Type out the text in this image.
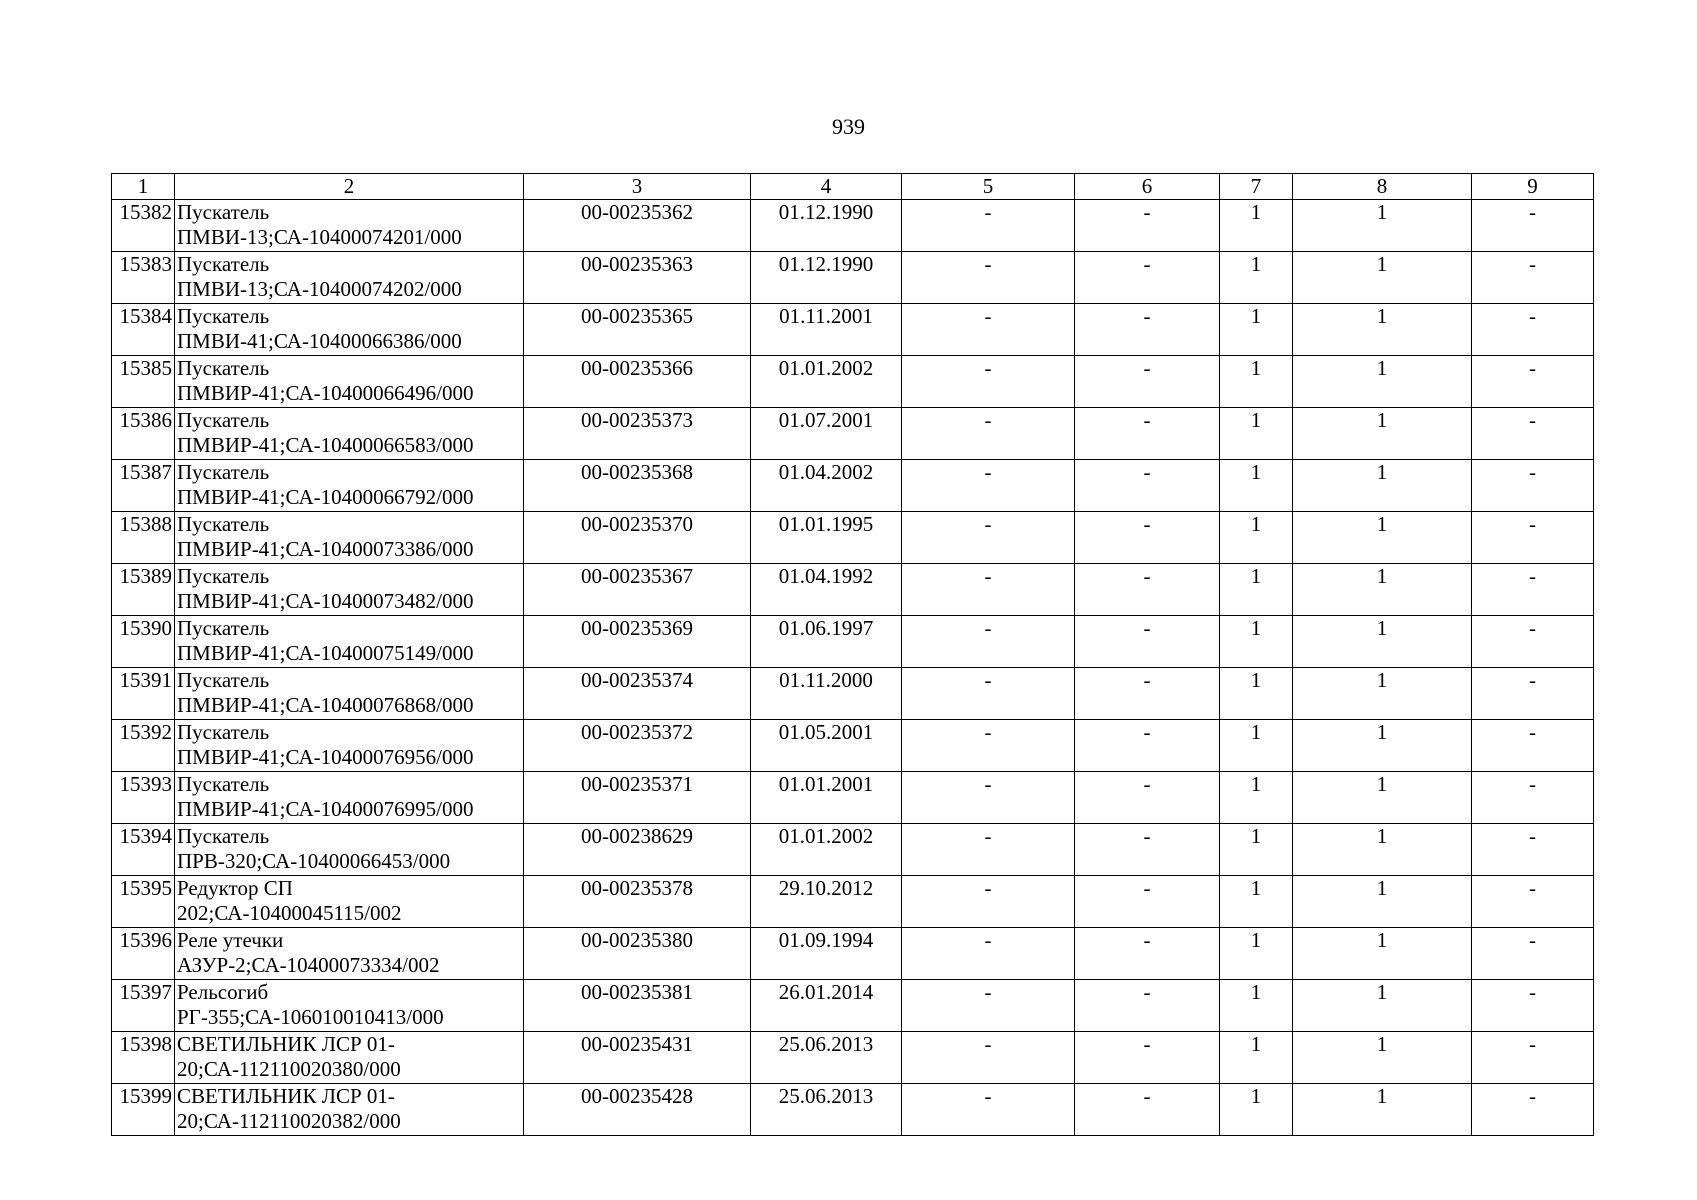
939
1	2	3	4	5	6	7	8	9
15382	Пускатель ПМВИ-13;СА-10400074201/000	00-00235362	01.12.1990	-	-	1	1	-
15383	Пускатель ПМВИ-13;СА-10400074202/000	00-00235363	01.12.1990	-	-	1	1	-
15384	Пускатель ПМВИ-41;СА-10400066386/000	00-00235365	01.11.2001	-	-	1	1	-
15385	Пускатель ПМВИР-41;СА-10400066496/000	00-00235366	01.01.2002	-	-	1	1	-
15386	Пускатель ПМВИР-41;СА-10400066583/000	00-00235373	01.07.2001	-	-	1	1	-
15387	Пускатель ПМВИР-41;СА-10400066792/000	00-00235368	01.04.2002	-	-	1	1	-
15388	Пускатель ПМВИР-41;СА-10400073386/000	00-00235370	01.01.1995	-	-	1	1	-
15389	Пускатель ПМВИР-41;СА-10400073482/000	00-00235367	01.04.1992	-	-	1	1	-
15390	Пускатель ПМВИР-41;СА-10400075149/000	00-00235369	01.06.1997	-	-	1	1	-
15391	Пускатель ПМВИР-41;СА-10400076868/000	00-00235374	01.11.2000	-	-	1	1	-
15392	Пускатель ПМВИР-41;СА-10400076956/000	00-00235372	01.05.2001	-	-	1	1	-
15393	Пускатель ПМВИР-41;СА-10400076995/000	00-00235371	01.01.2001	-	-	1	1	-
15394	Пускатель ПРВ-320;СА-10400066453/000	00-00238629	01.01.2002	-	-	1	1	-
15395	Редуктор СП 202;СА-10400045115/002	00-00235378	29.10.2012	-	-	1	1	-
15396	Реле утечки АЗУР-2;СА-10400073334/002	00-00235380	01.09.1994	-	-	1	1	-
15397	Рельсогиб РГ-355;СА-106010010413/000	00-00235381	26.01.2014	-	-	1	1	-
15398	СВЕТИЛЬНИК ЛСР 01-20;СА-112110020380/000	00-00235431	25.06.2013	-	-	1	1	-
15399	СВЕТИЛЬНИК ЛСР 01-20;СА-112110020382/000	00-00235428	25.06.2013	-	-	1	1	-
